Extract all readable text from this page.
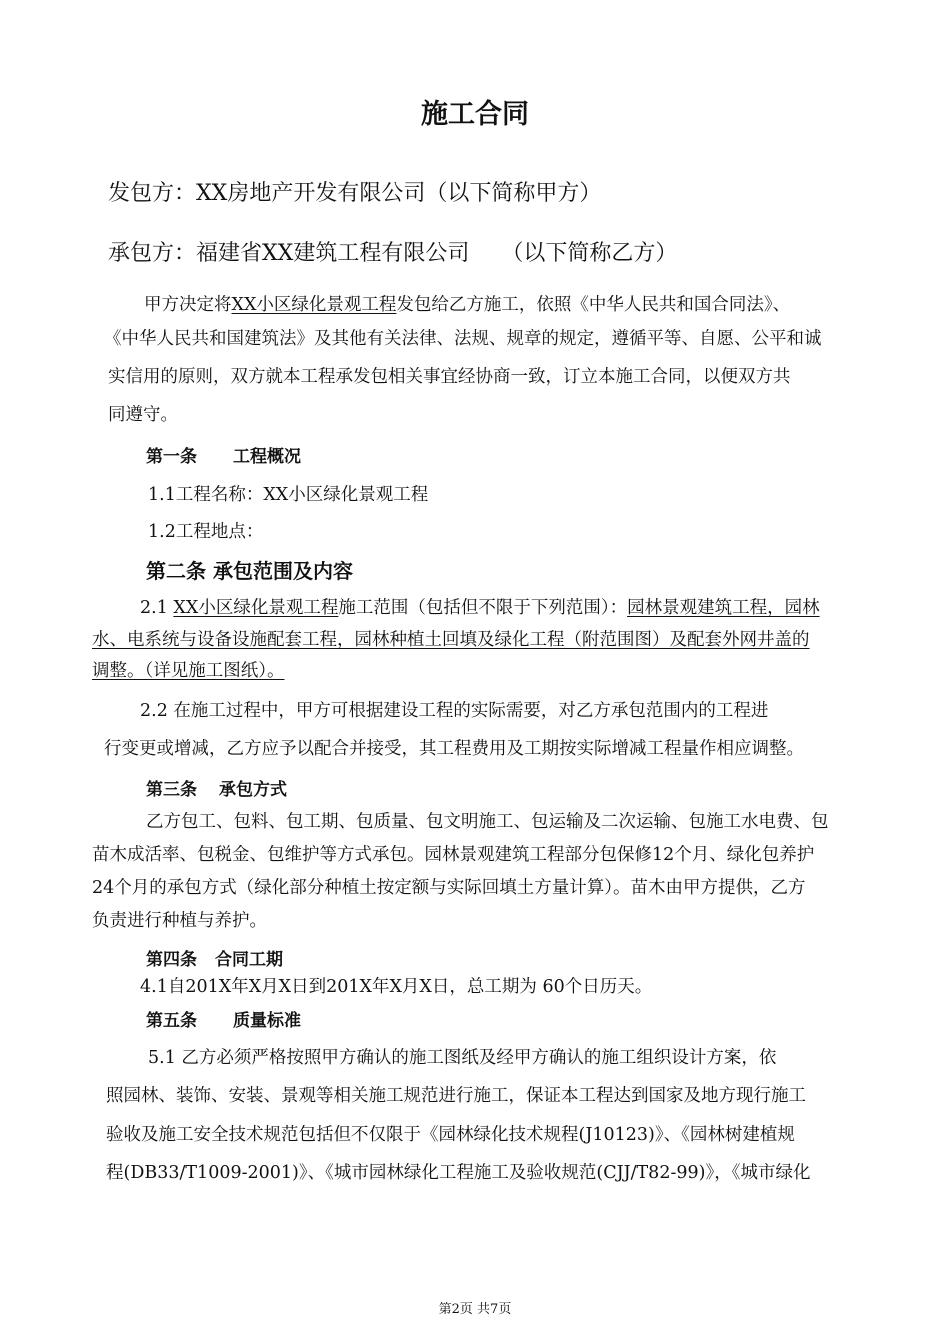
施工合同
发包方：XX房地产开发有限公司（以下简称甲方）
承包方：福建省XX建筑工程有限公司 （以下简称乙方）
甲方决定将XX小区绿化景观工程发包给乙方施工，依照《中华人民共和国合同法》、
《中华人民共和国建筑法》及其他有关法律、法规、规章的规定，遵循平等、自愿、公平和诚
实信用的原则，双方就本工程承发包相关事宜经协商一致，订立本施工合同，以便双方共
同遵守。
第一条 工程概况
1.1工程名称：XX小区绿化景观工程
1.2工程地点：
第二条 承包范围及内容
2.1 XX小区绿化景观工程施工范围（包括但不限于下列范围）：园林景观建筑工程，园林
水、电系统与设备设施配套工程，园林种植土回填及绿化工程（附范围图）及配套外网井盖的
调整。（详见施工图纸）。
2.2 在施工过程中，甲方可根据建设工程的实际需要，对乙方承包范围内的工程进
行变更或增减，乙方应予以配合并接受，其工程费用及工期按实际增减工程量作相应调整。
第三条 承包方式
乙方包工、包料、包工期、包质量、包文明施工、包运输及二次运输、包施工水电费、包
苗木成活率、包税金、包维护等方式承包。园林景观建筑工程部分包保修12个月、绿化包养护
24个月的承包方式（绿化部分种植土按定额与实际回填土方量计算）。苗木由甲方提供，乙方
负责进行种植与养护。
第四条 合同工期
4.1自201X年X月X日到201X年X月X日，总工期为 60个日历天。
第五条 质量标准
5.1 乙方必须严格按照甲方确认的施工图纸及经甲方确认的施工组织设计方案，依
照园林、装饰、安装、景观等相关施工规范进行施工，保证本工程达到国家及地方现行施工
验收及施工安全技术规范包括但不仅限于《园林绿化技术规程(J10123)》、《园林树建植规
程(DB33/T1009-2001)》、《城市园林绿化工程施工及验收规范(CJJ/T82-99)》，《城市绿化
第2页 共7页
